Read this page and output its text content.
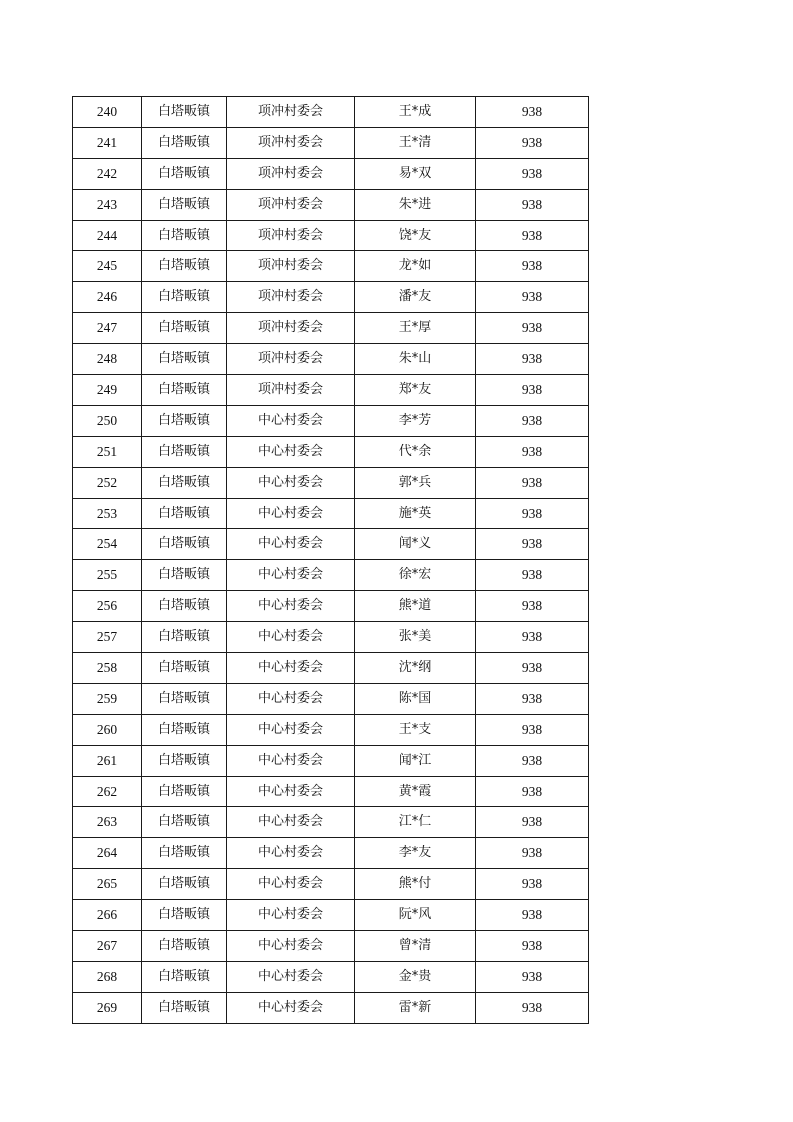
240	白塔畈镇	项冲村委会	王*成	938
241	白塔畈镇	项冲村委会	王*清	938
242	白塔畈镇	项冲村委会	易*双	938
243	白塔畈镇	项冲村委会	朱*进	938
244	白塔畈镇	项冲村委会	饶*友	938
245	白塔畈镇	项冲村委会	龙*如	938
246	白塔畈镇	项冲村委会	潘*友	938
247	白塔畈镇	项冲村委会	王*厚	938
248	白塔畈镇	项冲村委会	朱*山	938
249	白塔畈镇	项冲村委会	郑*友	938
250	白塔畈镇	中心村委会	李*芳	938
251	白塔畈镇	中心村委会	代*余	938
252	白塔畈镇	中心村委会	郭*兵	938
253	白塔畈镇	中心村委会	施*英	938
254	白塔畈镇	中心村委会	闻*义	938
255	白塔畈镇	中心村委会	徐*宏	938
256	白塔畈镇	中心村委会	熊*道	938
257	白塔畈镇	中心村委会	张*美	938
258	白塔畈镇	中心村委会	沈*纲	938
259	白塔畈镇	中心村委会	陈*国	938
260	白塔畈镇	中心村委会	王*支	938
261	白塔畈镇	中心村委会	闻*江	938
262	白塔畈镇	中心村委会	黄*霞	938
263	白塔畈镇	中心村委会	江*仁	938
264	白塔畈镇	中心村委会	李*友	938
265	白塔畈镇	中心村委会	熊*付	938
266	白塔畈镇	中心村委会	阮*风	938
267	白塔畈镇	中心村委会	曾*清	938
268	白塔畈镇	中心村委会	金*贵	938
269	白塔畈镇	中心村委会	雷*新	938
